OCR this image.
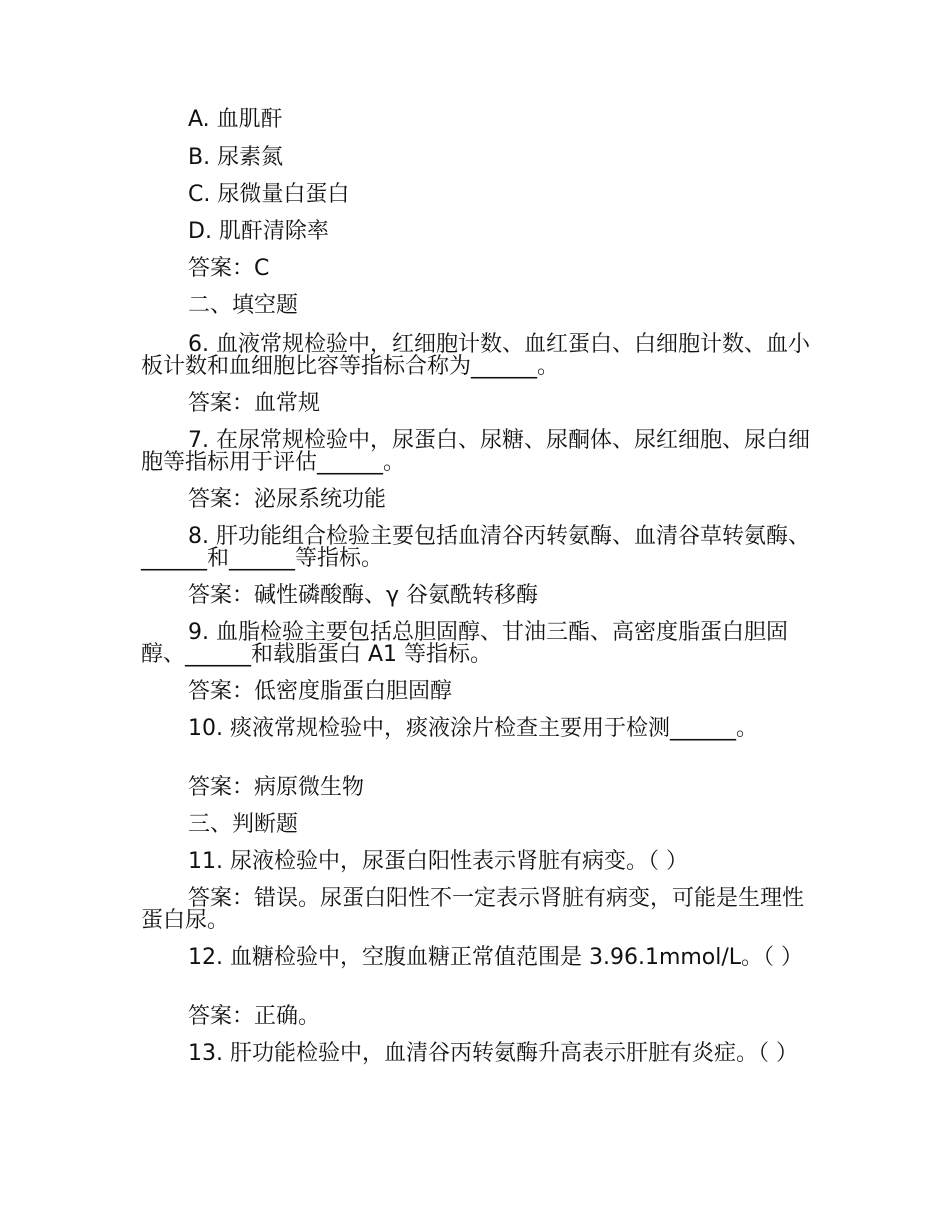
A. 血肌酐
B. 尿素氮
C. 尿微量白蛋白
D. 肌酐清除率
答案：C
二、填空题
6. 血液常规检验中，红细胞计数、血红蛋白、白细胞计数、血小板计数和血细胞比容等指标合称为______。
答案：血常规
7. 在尿常规检验中，尿蛋白、尿糖、尿酮体、尿红细胞、尿白细胞等指标用于评估______。
答案：泌尿系统功能
8. 肝功能组合检验主要包括血清谷丙转氨酶、血清谷草转氨酶、______和______等指标。
答案：碱性磷酸酶、γ 谷氨酰转移酶
9. 血脂检验主要包括总胆固醇、甘油三酯、高密度脂蛋白胆固醇、______和载脂蛋白 A1 等指标。
答案：低密度脂蛋白胆固醇
10. 痰液常规检验中，痰液涂片检查主要用于检测______。
答案：病原微生物
三、判断题
11. 尿液检验中，尿蛋白阳性表示肾脏有病变。（ ）
答案：错误。尿蛋白阳性不一定表示肾脏有病变，可能是生理性蛋白尿。
12. 血糖检验中，空腹血糖正常值范围是 3.96.1mmol/L。（ ）
答案：正确。
13. 肝功能检验中，血清谷丙转氨酶升高表示肝脏有炎症。（ ）
